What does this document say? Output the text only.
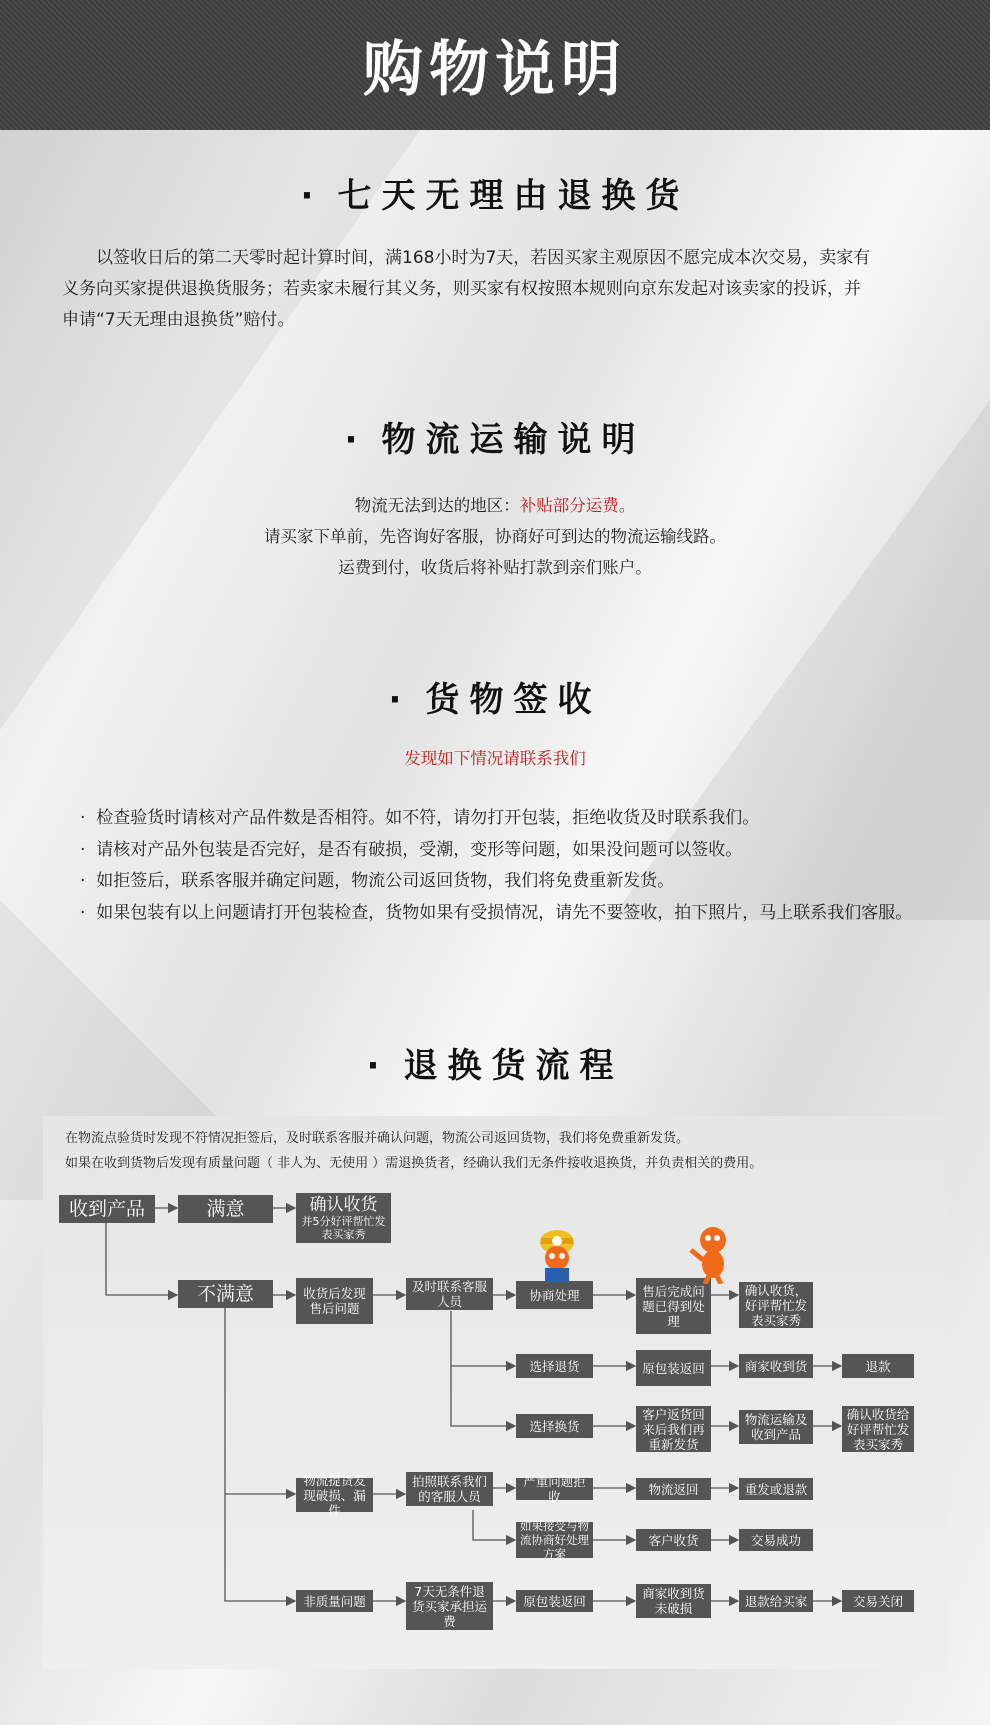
购物说明
· 七天无理由退换货
　　以签收日后的第二天零时起计算时间，满168小时为7天，若因买家主观原因不愿完成本次交易，卖家有
义务向买家提供退换货服务；若卖家未履行其义务，则买家有权按照本规则向京东发起对该卖家的投诉，并
申请“7天无理由退换货”赔付。
· 物流运输说明
物流无法到达的地区：补贴部分运费。
请买家下单前，先咨询好客服，协商好可到达的物流运输线路。
运费到付，收货后将补贴打款到亲们账户。
· 货物签收
发现如下情况请联系我们
·  检查验货时请核对产品件数是否相符。如不符，请勿打开包装，拒绝收货及时联系我们。
·  请核对产品外包装是否完好，是否有破损，受潮，变形等问题，如果没问题可以签收。
·  如拒签后，联系客服并确定问题，物流公司返回货物，我们将免费重新发货。
·  如果包装有以上问题请打开包装检查，货物如果有受损情况，请先不要签收，拍下照片，马上联系我们客服。
· 退换货流程
在物流点验货时发现不符情况拒签后，及时联系客服并确认问题，物流公司返回货物，我们将免费重新发货。
如果在收到货物后发现有质量问题（ 非人为、无使用 ）需退换货者，经确认我们无条件接收退换货，并负责相关的费用。
收到产品	满意	确认收货
并5分好评帮忙发表买家秀
不满意	收货后发现售后问题
及时联系客服人员	协商处理	售后完成问题已得到处理
确认收货，好评帮忙发表买家秀
选择退货	原包装返回	商家收到货	退款
选择换货
客户返货回来后我们再重新发货
物流运输及收到产品
确认收货给好评帮忙发表买家秀
物流提货发现破损、漏件
拍照联系我们的客服人员
严重问题拒收	物流返回	重发或退款
如果接受与物流协商好处理方案
客户收货	交易成功
非质量问题
7天无条件退货买家承担运费
原包装返回	商家收到货未破损	退款给买家	交易关闭
